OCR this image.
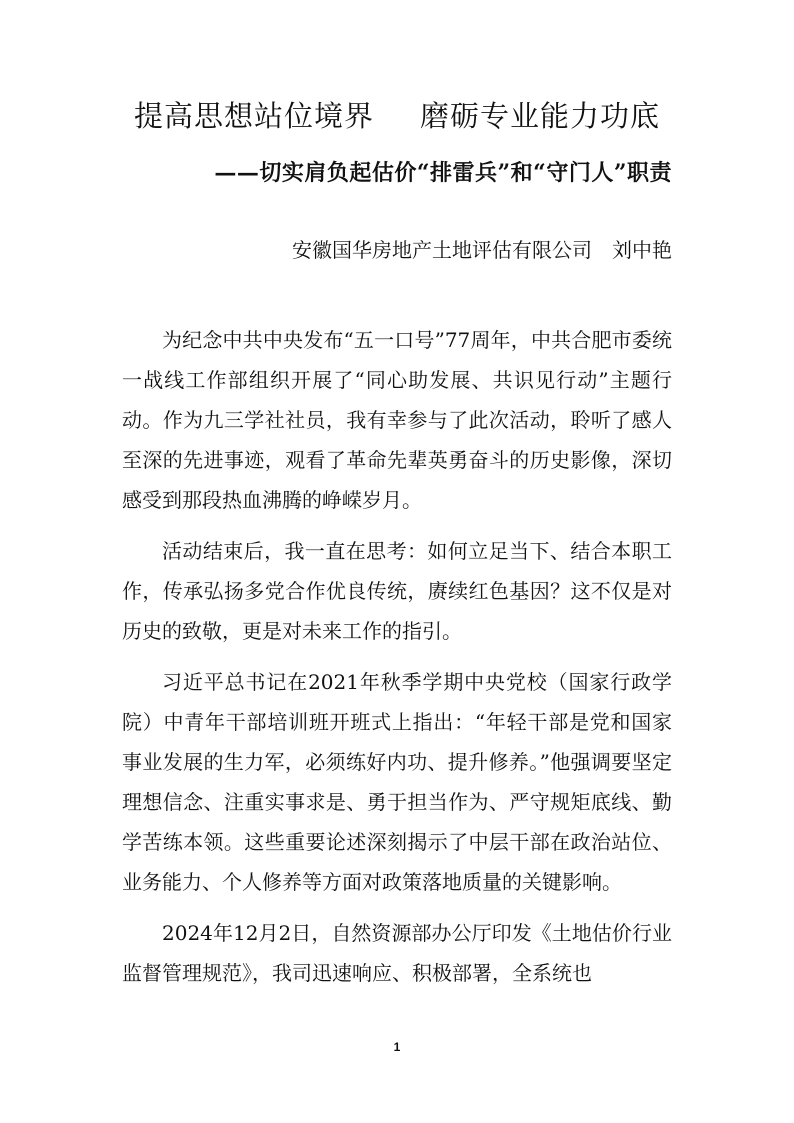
提高思想站位境界 磨砺专业能力功底
——切实肩负起估价“排雷兵”和“守门人”职责
安徽国华房地产土地评估有限公司 刘中艳

为纪念中共中央发布“五一口号”77周年，中共合肥市委统一战线工作部组织开展了“同心助发展、共识见行动”主题行动。作为九三学社社员，我有幸参与了此次活动，聆听了感人至深的先进事迹，观看了革命先辈英勇奋斗的历史影像，深切感受到那段热血沸腾的峥嵘岁月。

活动结束后，我一直在思考：如何立足当下、结合本职工作，传承弘扬多党合作优良传统，赓续红色基因？这不仅是对历史的致敬，更是对未来工作的指引。

习近平总书记在2021年秋季学期中央党校（国家行政学院）中青年干部培训班开班式上指出：“年轻干部是党和国家事业发展的生力军，必须练好内功、提升修养。”他强调要坚定理想信念、注重实事求是、勇于担当作为、严守规矩底线、勤学苦练本领。这些重要论述深刻揭示了中层干部在政治站位、业务能力、个人修养等方面对政策落地质量的关键影响。

2024年12月2日，自然资源部办公厅印发《土地估价行业监督管理规范》，我司迅速响应、积极部署，全系统也

1
